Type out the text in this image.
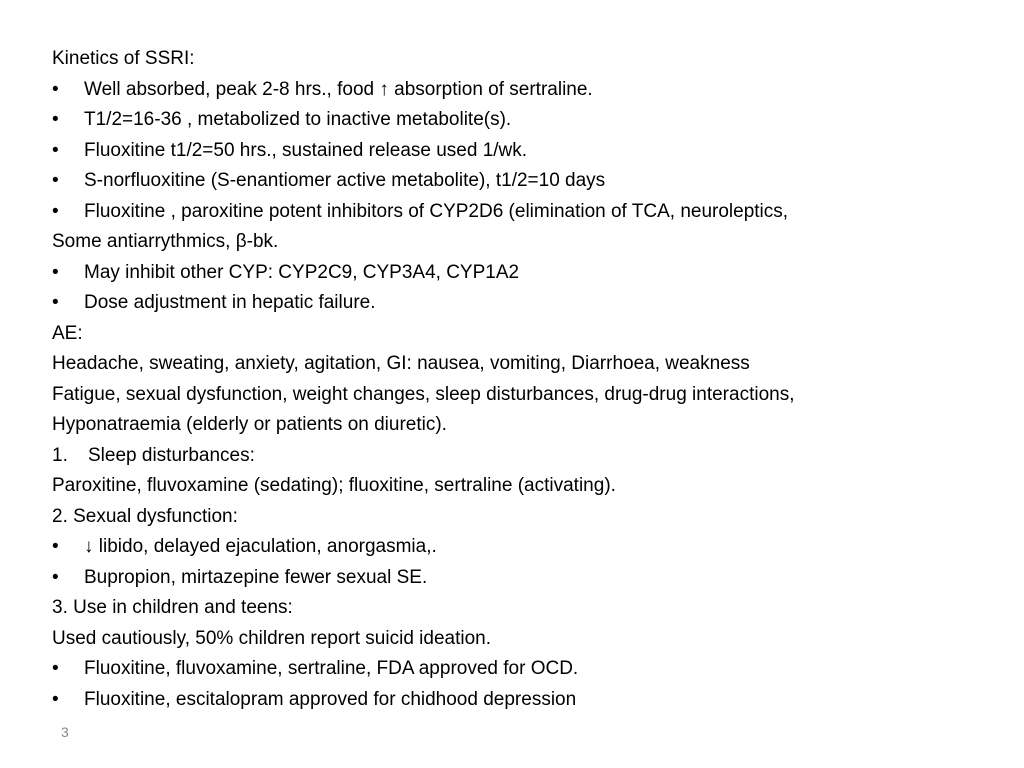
Kinetics of SSRI:
•	Well absorbed, peak 2-8 hrs., food ↑ absorption of sertraline.
•	T1/2=16-36 , metabolized to inactive metabolite(s).
•	Fluoxitine t1/2=50 hrs., sustained release used 1/wk.
•	S-norfluoxitine (S-enantiomer active metabolite), t1/2=10 days
•	Fluoxitine , paroxitine potent inhibitors of CYP2D6 (elimination of TCA, neuroleptics,
Some antiarrythmics, β-bk.
•	May inhibit other CYP: CYP2C9, CYP3A4, CYP1A2
•	Dose adjustment in hepatic failure.
AE:
Headache, sweating, anxiety, agitation, GI: nausea, vomiting, Diarrhoea, weakness
Fatigue, sexual dysfunction, weight changes, sleep disturbances, drug-drug interactions,
Hyponatraemia (elderly or patients on diuretic).
1. Sleep disturbances:
Paroxitine, fluvoxamine (sedating); fluoxitine, sertraline (activating).
2. Sexual dysfunction:
•	↓ libido, delayed ejaculation, anorgasmia,.
•	Bupropion, mirtazepine fewer sexual SE.
3. Use in children and teens:
Used cautiously, 50% children report suicid ideation.
•	Fluoxitine, fluvoxamine, sertraline, FDA approved for OCD.
•	Fluoxitine, escitalopram approved for chidhood depression
3
